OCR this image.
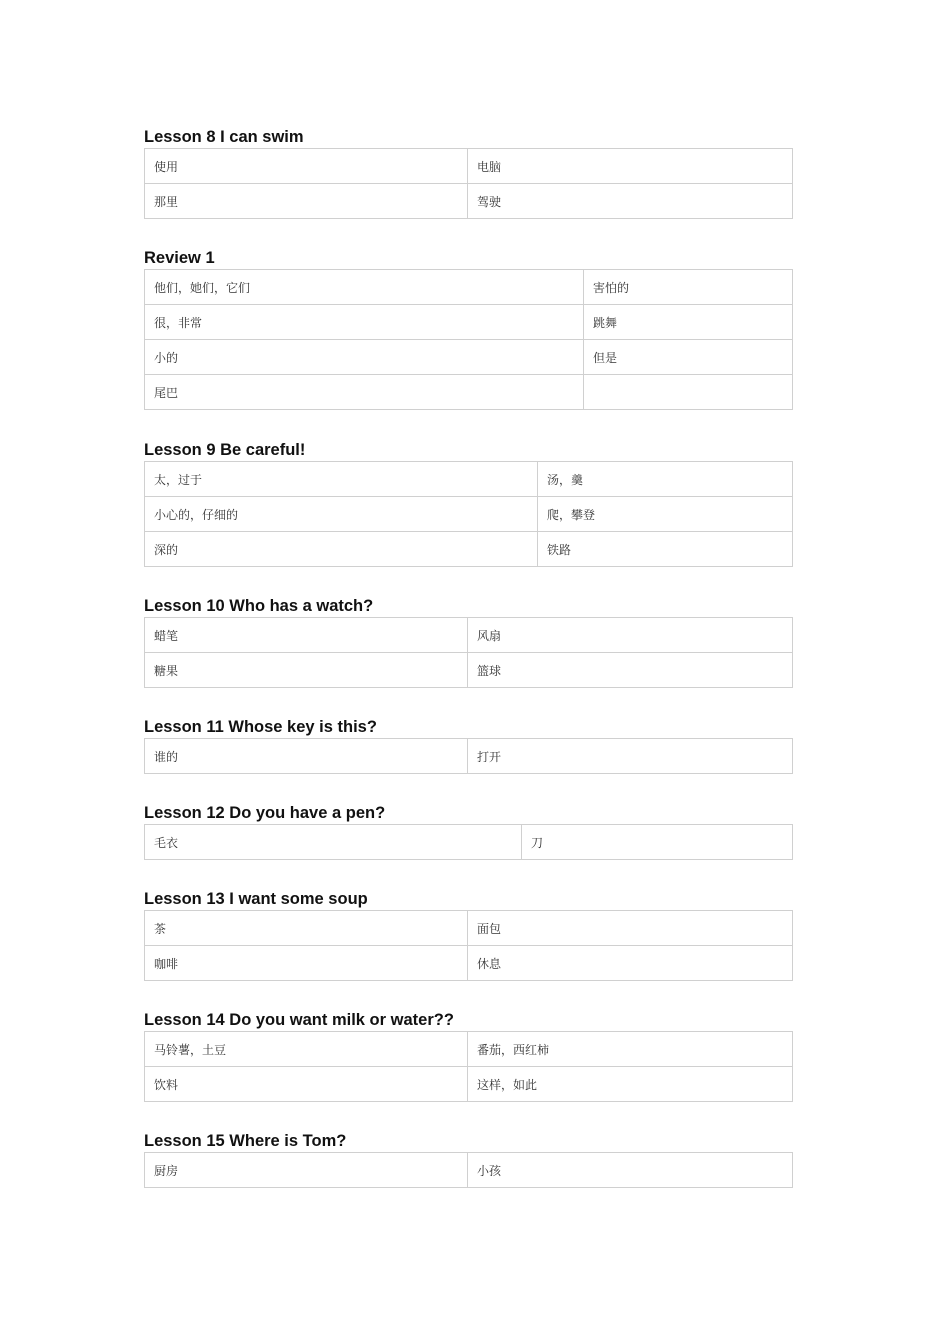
Lesson 8 I can swim
使用	电脑
那里	驾驶
Review 1
他们，她们，它们	害怕的
很，非常	跳舞
小的	但是
尾巴	
Lesson 9 Be careful!
太，过于	汤，羹
小心的，仔细的	爬，攀登
深的	铁路
Lesson 10 Who has a watch?
蜡笔	风扇
糖果	篮球
Lesson 11 Whose key is this?
谁的	打开
Lesson 12 Do you have a pen?
毛衣	刀
Lesson 13 I want some soup
茶	面包
咖啡	休息
Lesson 14 Do you want milk or water??
马铃薯，土豆	番茄，西红柿
饮料	这样，如此
Lesson 15 Where is Tom?
厨房	小孩
